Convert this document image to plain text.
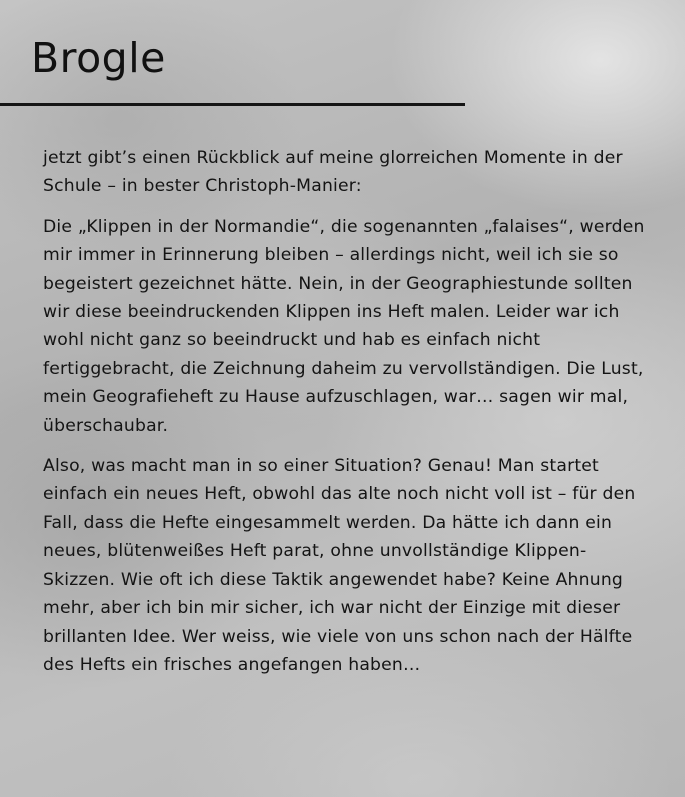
Brogle

jetzt gibt’s einen Rückblick auf meine glorreichen Momente in der Schule – in bester Christoph-Manier:

Die „Klippen in der Normandie“, die sogenannten „falaises“, werden mir immer in Erinnerung bleiben – allerdings nicht, weil ich sie so begeistert gezeichnet hätte. Nein, in der Geographiestunde sollten wir diese beeindruckenden Klippen ins Heft malen. Leider war ich wohl nicht ganz so beeindruckt und hab es einfach nicht fertiggebracht, die Zeichnung daheim zu vervollständigen. Die Lust, mein Geografieheft zu Hause aufzuschlagen, war… sagen wir mal, überschaubar.

Also, was macht man in so einer Situation? Genau! Man startet einfach ein neues Heft, obwohl das alte noch nicht voll ist – für den Fall, dass die Hefte eingesammelt werden. Da hätte ich dann ein neues, blütenweißes Heft parat, ohne unvollständige Klippen-Skizzen. Wie oft ich diese Taktik angewendet habe? Keine Ahnung mehr, aber ich bin mir sicher, ich war nicht der Einzige mit dieser brillanten Idee. Wer weiss, wie viele von uns schon nach der Hälfte des Hefts ein frisches angefangen haben…
